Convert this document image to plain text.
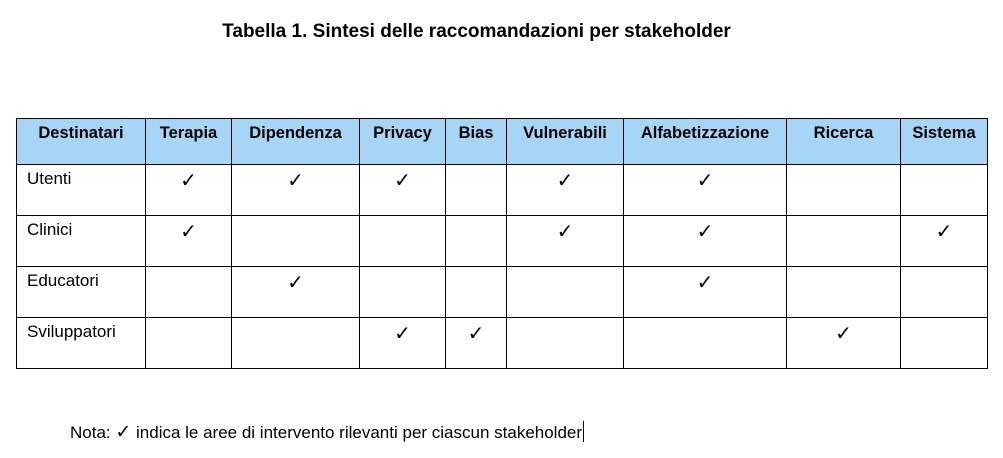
Tabella 1. Sintesi delle raccomandazioni per stakeholder
Destinatari	Terapia	Dipendenza	Privacy	Bias	Vulnerabili	Alfabetizzazione	Ricerca	Sistema
Utenti	✓	✓	✓		✓	✓		
Clinici	✓				✓	✓		✓
Educatori		✓				✓		
Sviluppatori			✓	✓			✓	
Nota: ✓ indica le aree di intervento rilevanti per ciascun stakeholder
